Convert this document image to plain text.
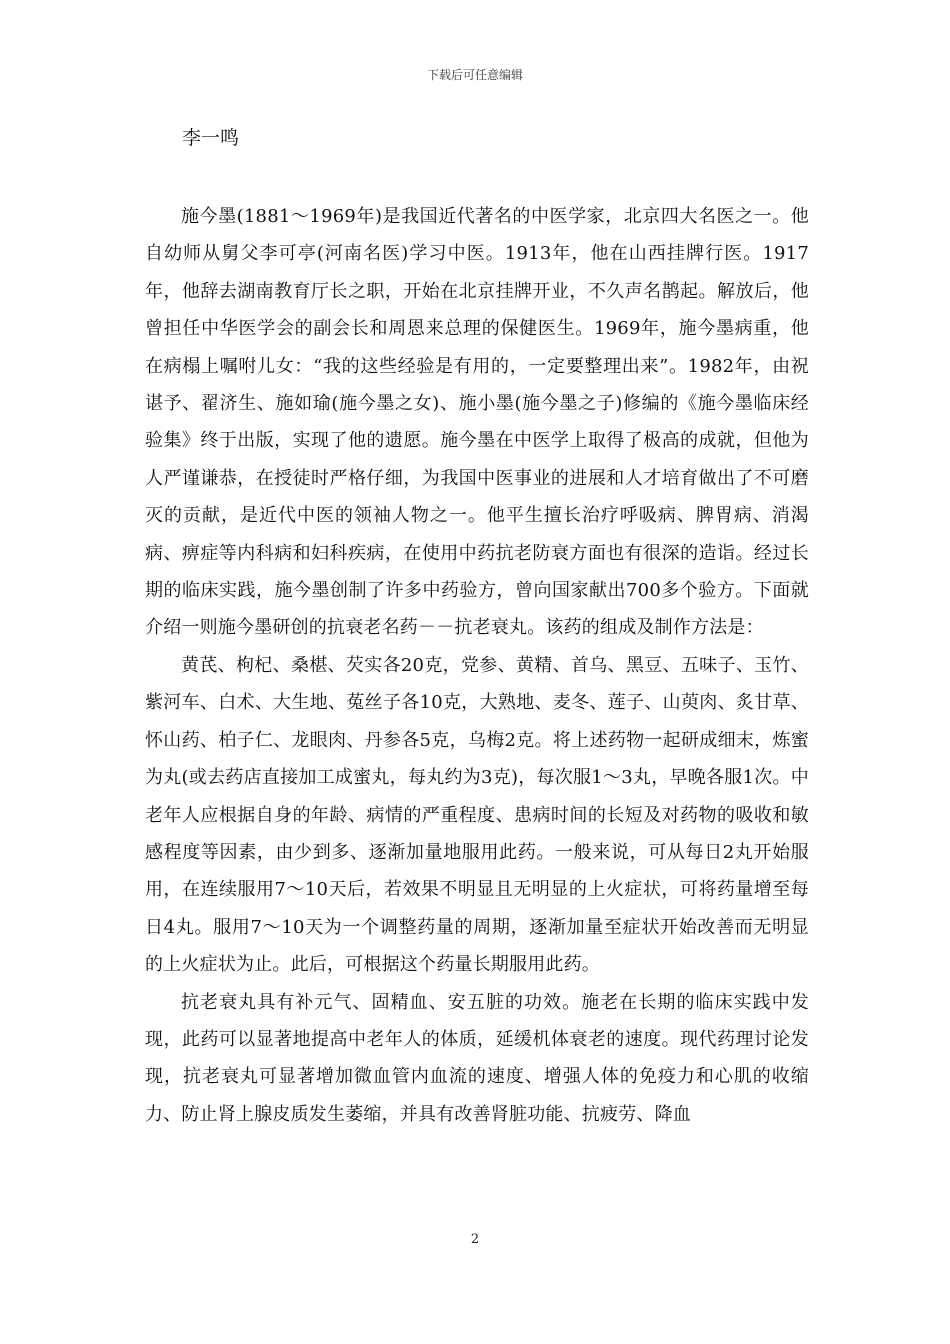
下载后可任意编辑
李一鸣

施今墨(1881～1969年)是我国近代著名的中医学家，北京四大名医之一。他自幼师从舅父李可亭(河南名医)学习中医。1913年，他在山西挂牌行医。1917年，他辞去湖南教育厅长之职，开始在北京挂牌开业，不久声名鹊起。解放后，他曾担任中华医学会的副会长和周恩来总理的保健医生。1969年，施今墨病重，他在病榻上嘱咐儿女：“我的这些经验是有用的，一定要整理出来”。1982年，由祝谌予、翟济生、施如瑜(施今墨之女)、施小墨(施今墨之子)修编的《施今墨临床经验集》终于出版，实现了他的遗愿。施今墨在中医学上取得了极高的成就，但他为人严谨谦恭，在授徒时严格仔细，为我国中医事业的进展和人才培育做出了不可磨灭的贡献，是近代中医的领袖人物之一。他平生擅长治疗呼吸病、脾胃病、消渴病、痹症等内科病和妇科疾病，在使用中药抗老防衰方面也有很深的造诣。经过长期的临床实践，施今墨创制了许多中药验方，曾向国家献出700多个验方。下面就介绍一则施今墨研创的抗衰老名药－－抗老衰丸。该药的组成及制作方法是：

黄芪、枸杞、桑椹、芡实各20克，党参、黄精、首乌、黑豆、五味子、玉竹、紫河车、白术、大生地、菟丝子各10克，大熟地、麦冬、莲子、山萸肉、炙甘草、怀山药、柏子仁、龙眼肉、丹参各5克，乌梅2克。将上述药物一起研成细末，炼蜜为丸(或去药店直接加工成蜜丸，每丸约为3克)，每次服1～3丸，早晚各服1次。中老年人应根据自身的年龄、病情的严重程度、患病时间的长短及对药物的吸收和敏感程度等因素，由少到多、逐渐加量地服用此药。一般来说，可从每日2丸开始服用，在连续服用7～10天后，若效果不明显且无明显的上火症状，可将药量增至每日4丸。服用7～10天为一个调整药量的周期，逐渐加量至症状开始改善而无明显的上火症状为止。此后，可根据这个药量长期服用此药。

抗老衰丸具有补元气、固精血、安五脏的功效。施老在长期的临床实践中发现，此药可以显著地提高中老年人的体质，延缓机体衰老的速度。现代药理讨论发现，抗老衰丸可显著增加微血管内血流的速度、增强人体的免疫力和心肌的收缩力、防止肾上腺皮质发生萎缩，并具有改善肾脏功能、抗疲劳、降血

2
